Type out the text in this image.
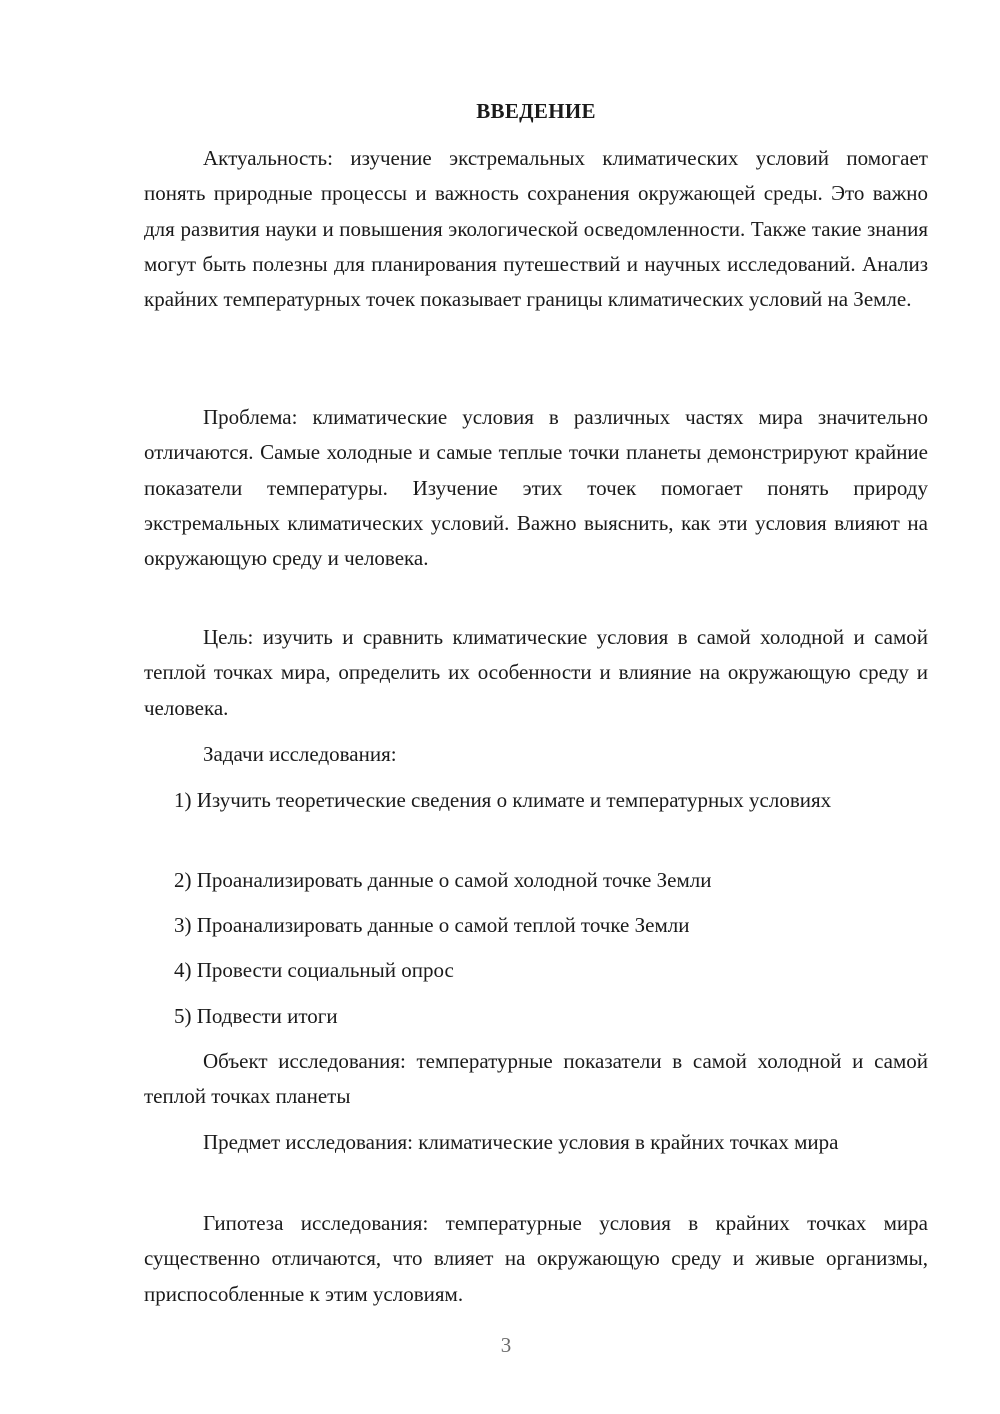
ВВЕДЕНИЕ

Актуальность: изучение экстремальных климатических условий помогает понять природные процессы и важность сохранения окружающей среды. Это важно для развития науки и повышения экологической осведомленности. Также такие знания могут быть полезны для планирования путешествий и научных исследований. Анализ крайних температурных точек показывает границы климатических условий на Земле.

Проблема: климатические условия в различных частях мира значительно отличаются. Самые холодные и самые теплые точки планеты демонстрируют крайние показатели температуры. Изучение этих точек помогает понять природу экстремальных климатических условий. Важно выяснить, как эти условия влияют на окружающую среду и человека.

Цель: изучить и сравнить климатические условия в самой холодной и самой теплой точках мира, определить их особенности и влияние на окружающую среду и человека.

Задачи исследования:

1) Изучить теоретические сведения о климате и температурных условиях

2) Проанализировать данные о самой холодной точке Земли

3) Проанализировать данные о самой теплой точке Земли

4) Провести социальный опрос

5) Подвести итоги

Объект исследования: температурные показатели в самой холодной и самой теплой точках планеты

Предмет исследования: климатические условия в крайних точках мира

Гипотеза исследования: температурные условия в крайних точках мира существенно отличаются, что влияет на окружающую среду и живые организмы, приспособленные к этим условиям.

3
